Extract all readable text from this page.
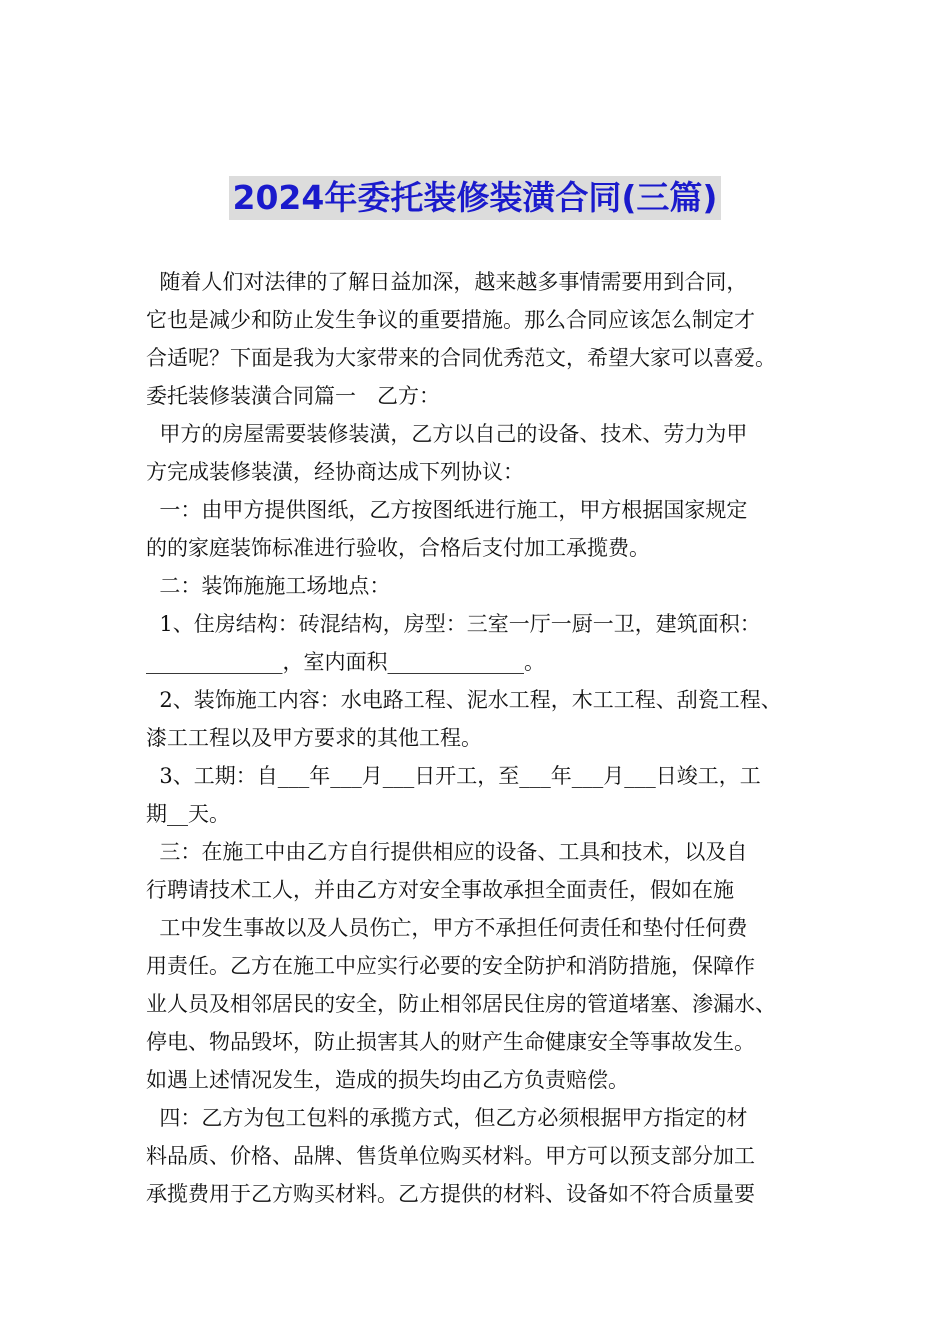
2024年委托装修装潢合同(三篇)
随着人们对法律的了解日益加深，越来越多事情需要用到合同，
它也是减少和防止发生争议的重要措施。那么合同应该怎么制定才
合适呢？下面是我为大家带来的合同优秀范文，希望大家可以喜爱。
委托装修装潢合同篇一　乙方：
甲方的房屋需要装修装潢，乙方以自己的设备、技术、劳力为甲
方完成装修装潢，经协商达成下列协议：
一：由甲方提供图纸，乙方按图纸进行施工，甲方根据国家规定
的的家庭装饰标准进行验收，合格后支付加工承揽费。
二：装饰施施工场地点：
1、住房结构：砖混结构，房型：三室一厅一厨一卫，建筑面积：
_____________，室内面积_____________。
2、装饰施工内容：水电路工程、泥水工程，木工工程、刮瓷工程、
漆工工程以及甲方要求的其他工程。
3、工期：自___年___月___日开工，至___年___月___日竣工，工
期__天。
三：在施工中由乙方自行提供相应的设备、工具和技术，以及自
行聘请技术工人，并由乙方对安全事故承担全面责任，假如在施
工中发生事故以及人员伤亡，甲方不承担任何责任和垫付任何费
用责任。乙方在施工中应实行必要的安全防护和消防措施，保障作
业人员及相邻居民的安全，防止相邻居民住房的管道堵塞、渗漏水、
停电、物品毁坏，防止损害其人的财产生命健康安全等事故发生。
如遇上述情况发生，造成的损失均由乙方负责赔偿。
四：乙方为包工包料的承揽方式，但乙方必须根据甲方指定的材
料品质、价格、品牌、售货单位购买材料。甲方可以预支部分加工
承揽费用于乙方购买材料。乙方提供的材料、设备如不符合质量要
